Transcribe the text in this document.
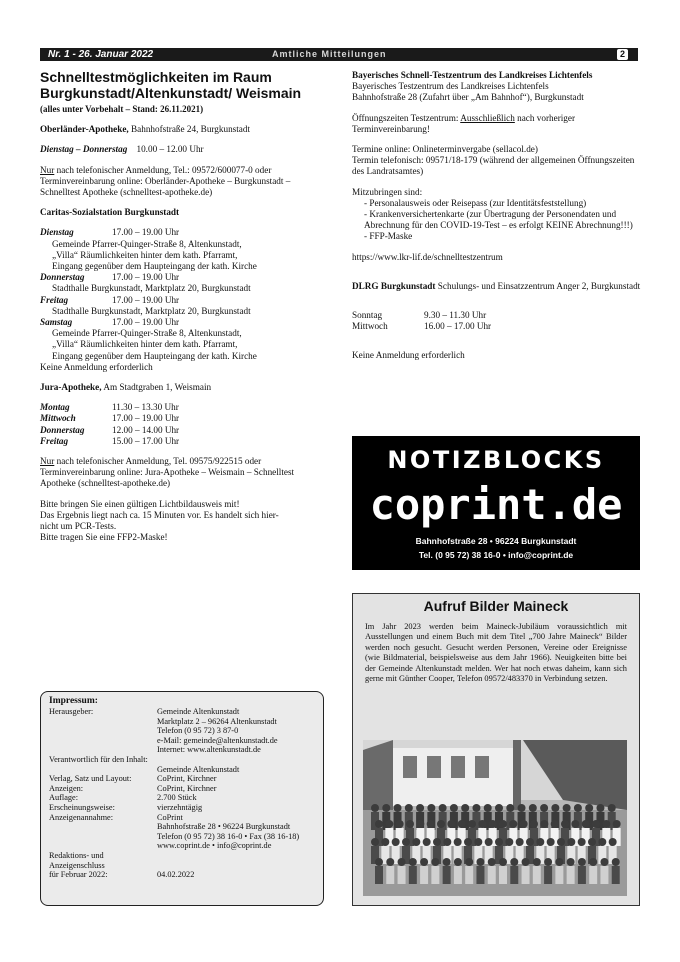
Nr. 1 - 26. Januar 2022	Amtliche Mitteilungen	2
Schnelltestmöglichkeiten im Raum Burgkunstadt/Altenkunstadt/ Weismain

(alles unter Vorbehalt – Stand: 26.11.2021)

Oberländer-Apotheke, Bahnhofstraße 24, Burgkunstadt

Dienstag – Donnerstag 10.00 – 12.00 Uhr

Nur nach telefonischer Anmeldung, Tel.: 09572/600077-0 oder Terminvereinbarung online: Oberländer-Apotheke – Burgkunstadt – Schnelltest Apotheke (schnelltest-apotheke.de)

Caritas-Sozialstation Burgkunstadt

Dienstag	17.00 – 19.00 Uhr

Gemeinde Pfarrer-Quinger-Straße 8, Altenkunstadt,

„Villa“ Räumlichkeiten hinter dem kath. Pfarramt,

Eingang gegenüber dem Haupteingang der kath. Kirche

Donnerstag	17.00 – 19.00 Uhr

Stadthalle Burgkunstadt, Marktplatz 20, Burgkunstadt

Freitag	17.00 – 19.00 Uhr

Stadthalle Burgkunstadt, Marktplatz 20, Burgkunstadt

Samstag	17.00 – 19.00 Uhr

Gemeinde Pfarrer-Quinger-Straße 8, Altenkunstadt,

„Villa“ Räumlichkeiten hinter dem kath. Pfarramt,

Eingang gegenüber dem Haupteingang der kath. Kirche

Keine Anmeldung erforderlich

Jura-Apotheke, Am Stadtgraben 1, Weismain

Montag	11.30 – 13.30 Uhr
Mittwoch	17.00 – 19.00 Uhr
Donnerstag	12.00 – 14.00 Uhr
Freitag	15.00 – 17.00 Uhr

Nur nach telefonischer Anmeldung, Tel. 09575/922515 oder Terminvereinbarung online: Jura-Apotheke – Weismain – Schnelltest Apotheke (schnelltest-apotheke.de)

Bitte bringen Sie einen gültigen Lichtbildausweis mit!

Das Ergebnis liegt nach ca. 15 Minuten vor. Es handelt sich hier-

nicht um PCR-Tests.

Bitte tragen Sie eine FFP2-Maske!

Impressum:
Herausgeber:	Gemeinde Altenkunstadt
Marktplatz 2 – 96264 Altenkunstadt
Telefon (0 95 72) 3 87-0
e-Mail: gemeinde@altenkunstadt.de
Internet: www.altenkunstadt.de
Verantwortlich für den Inhalt:
Gemeinde Altenkunstadt
Verlag, Satz und Layout:	CoPrint, Kirchner
Anzeigen:	CoPrint, Kirchner
Auflage:	2.700 Stück
Erscheinungsweise:	vierzehntägig
Anzeigenannahme:	CoPrint
Bahnhofstraße 28 • 96224 Burgkunstadt
Telefon (0 95 72) 38 16-0 • Fax (38 16-18)
www.coprint.de • info@coprint.de
Redaktions- und Anzeigenschluss
für Februar 2022:	04.02.2022

Bayerisches Schnell-Testzentrum des Landkreises Lichtenfels

Bayerisches Testzentrum des Landkreises Lichtenfels

Bahnhofstraße 28 (Zufahrt über „Am Bahnhof“), Burgkunstadt

Öffnungszeiten Testzentrum: Ausschließlich nach vorheriger Terminvereinbarung!

Termine online: Onlineterminvergabe (sellacol.de)

Termin telefonisch: 09571/18-179 (während der allgemeinen Öffnungszeiten des Landratsamtes)

Mitzubringen sind:

- Personalausweis oder Reisepass (zur Identitätsfeststellung)
- Krankenversichertenkarte (zur Übertragung der Personendaten und Abrechnung für den COVID-19-Test – es erfolgt KEINE Abrechnung!!!)
- FFP-Maske

https://www.lkr-lif.de/schnelltestzentrum

DLRG Burgkunstadt Schulungs- und Einsatzzentrum Anger 2, Burgkunstadt

Sonntag	9.30 – 11.30 Uhr
Mittwoch	16.00 – 17.00 Uhr

Keine Anmeldung erforderlich

NOTIZBLOCKS
coprint.de
Bahnhofstraße 28 • 96224 Burgkunstadt
Tel. (0 95 72) 38 16-0 • info@coprint.de
Aufruf Bilder Maineck

Im Jahr 2023 werden beim Maineck-Jubiläum voraussichtlich mit Ausstellungen und einem Buch mit dem Titel „700 Jahre Maineck“ Bilder werden noch gesucht. Gesucht werden Personen, Vereine oder Ereignisse (wie Bildmaterial, beispielsweise aus dem Jahr 1966). Neuigkeiten bitte bei der Gemeinde Altenkunstadt melden. Wer hat noch etwas daheim, kann sich gerne mit Günther Cooper, Telefon 09572/483370 in Verbindung setzen.
